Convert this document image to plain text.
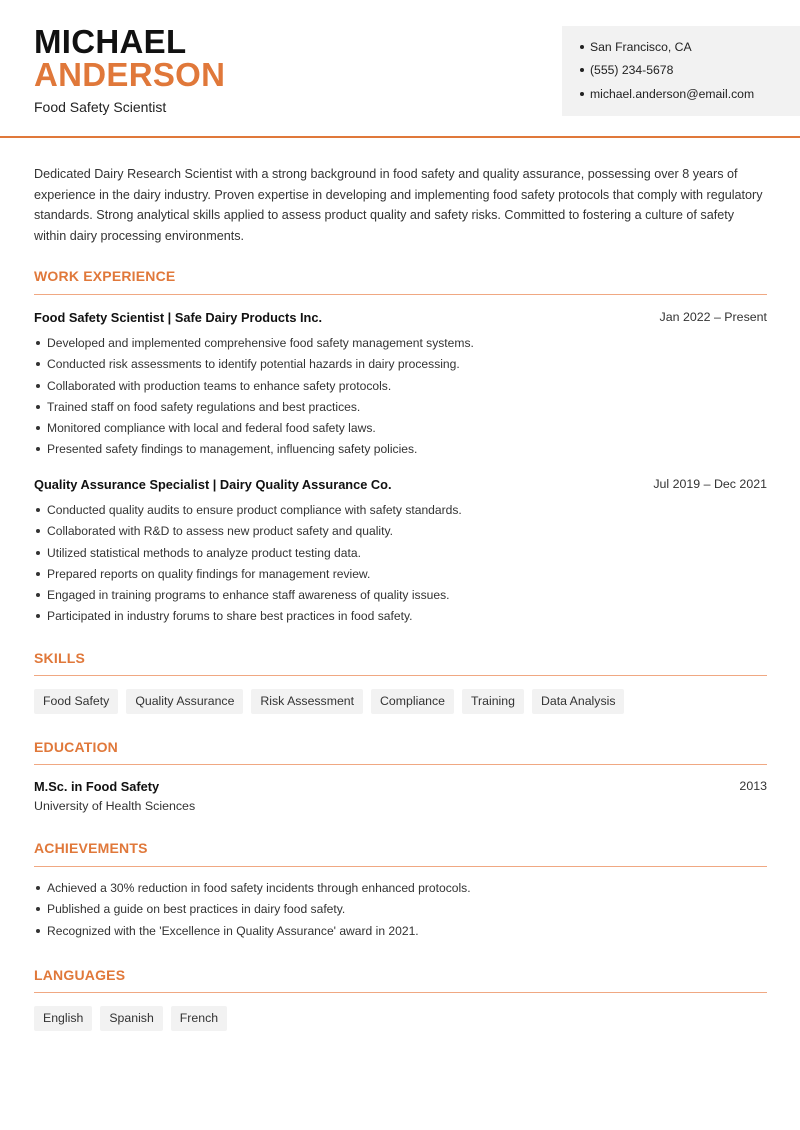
MICHAEL
ANDERSON
Food Safety Scientist
San Francisco, CA
(555) 234-5678
michael.anderson@email.com

Dedicated Dairy Research Scientist with a strong background in food safety and quality assurance, possessing over 8 years of experience in the dairy industry. Proven expertise in developing and implementing food safety protocols that comply with regulatory standards. Strong analytical skills applied to assess product quality and safety risks. Committed to fostering a culture of safety within dairy processing environments.

WORK EXPERIENCE
Food Safety Scientist | Safe Dairy Products Inc.	Jan 2022 – Present
Developed and implemented comprehensive food safety management systems.
Conducted risk assessments to identify potential hazards in dairy processing.
Collaborated with production teams to enhance safety protocols.
Trained staff on food safety regulations and best practices.
Monitored compliance with local and federal food safety laws.
Presented safety findings to management, influencing safety policies.
Quality Assurance Specialist | Dairy Quality Assurance Co.	Jul 2019 – Dec 2021
Conducted quality audits to ensure product compliance with safety standards.
Collaborated with R&D to assess new product safety and quality.
Utilized statistical methods to analyze product testing data.
Prepared reports on quality findings for management review.
Engaged in training programs to enhance staff awareness of quality issues.
Participated in industry forums to share best practices in food safety.
SKILLS
Food Safety	Quality Assurance	Risk Assessment	Compliance	Training	Data Analysis
EDUCATION
M.Sc. in Food Safety	2013
University of Health Sciences
ACHIEVEMENTS
Achieved a 30% reduction in food safety incidents through enhanced protocols.
Published a guide on best practices in dairy food safety.
Recognized with the 'Excellence in Quality Assurance' award in 2021.
LANGUAGES
English	Spanish	French
